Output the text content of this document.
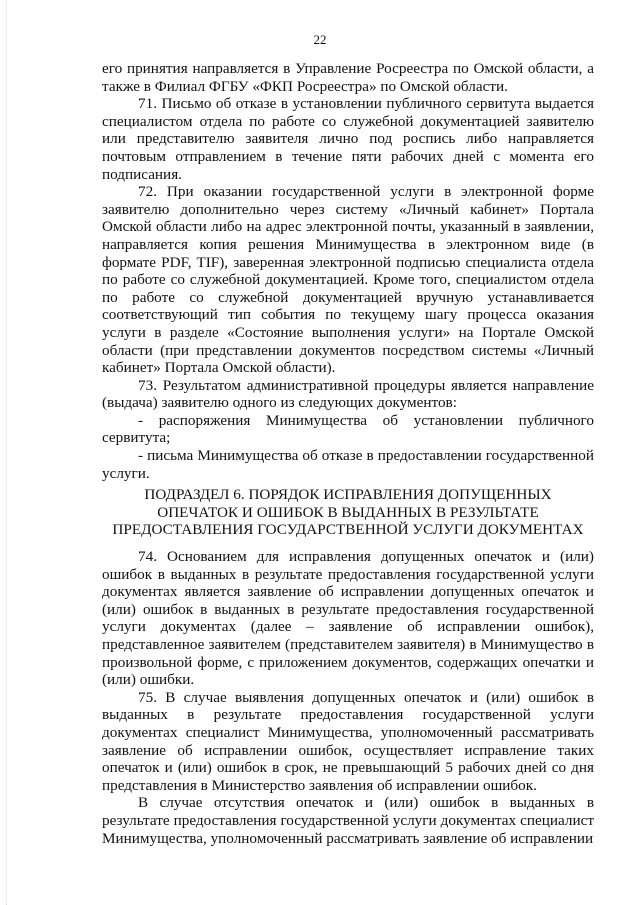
22

его принятия направляется в Управление Росреестра по Омской области, а также в Филиал ФГБУ «ФКП Росреестра» по Омской области.

71. Письмо об отказе в установлении публичного сервитута выдается специалистом отдела по работе со служебной документацией заявителю или представителю заявителя лично под роспись либо направляется почтовым отправлением в течение пяти рабочих дней с момента его подписания.

72. При оказании государственной услуги в электронной форме заявителю дополнительно через систему «Личный кабинет» Портала Омской области либо на адрес электронной почты, указанный в заявлении, направляется копия решения Минимущества в электронном виде (в формате PDF, TIF), заверенная электронной подписью специалиста отдела по работе со служебной документацией. Кроме того, специалистом отдела по работе со служебной документацией вручную устанавливается соответствующий тип события по текущему шагу процесса оказания услуги в разделе «Состояние выполнения услуги» на Портале Омской области (при представлении документов посредством системы «Личный кабинет» Портала Омской области).

73. Результатом административной процедуры является направление (выдача) заявителю одного из следующих документов:

- распоряжения Минимущества об установлении публичного сервитута;

- письма Минимущества об отказе в предоставлении государственной услуги.

ПОДРАЗДЕЛ 6. ПОРЯДОК ИСПРАВЛЕНИЯ ДОПУЩЕННЫХ
ОПЕЧАТОК И ОШИБОК В ВЫДАННЫХ В РЕЗУЛЬТАТЕ
ПРЕДОСТАВЛЕНИЯ ГОСУДАРСТВЕННОЙ УСЛУГИ ДОКУМЕНТАХ

74. Основанием для исправления допущенных опечаток и (или) ошибок в выданных в результате предоставления государственной услуги документах является заявление об исправлении допущенных опечаток и (или) ошибок в выданных в результате предоставления государственной услуги документах (далее – заявление об исправлении ошибок), представленное заявителем (представителем заявителя) в Минимущество в произвольной форме, с приложением документов, содержащих опечатки и (или) ошибки.

75. В случае выявления допущенных опечаток и (или) ошибок в выданных в результате предоставления государственной услуги документах специалист Минимущества, уполномоченный рассматривать заявление об исправлении ошибок, осуществляет исправление таких опечаток и (или) ошибок в срок, не превышающий 5 рабочих дней со дня представления в Министерство заявления об исправлении ошибок.

В случае отсутствия опечаток и (или) ошибок в выданных в результате предоставления государственной услуги документах специалист Минимущества, уполномоченный рассматривать заявление об исправлении
